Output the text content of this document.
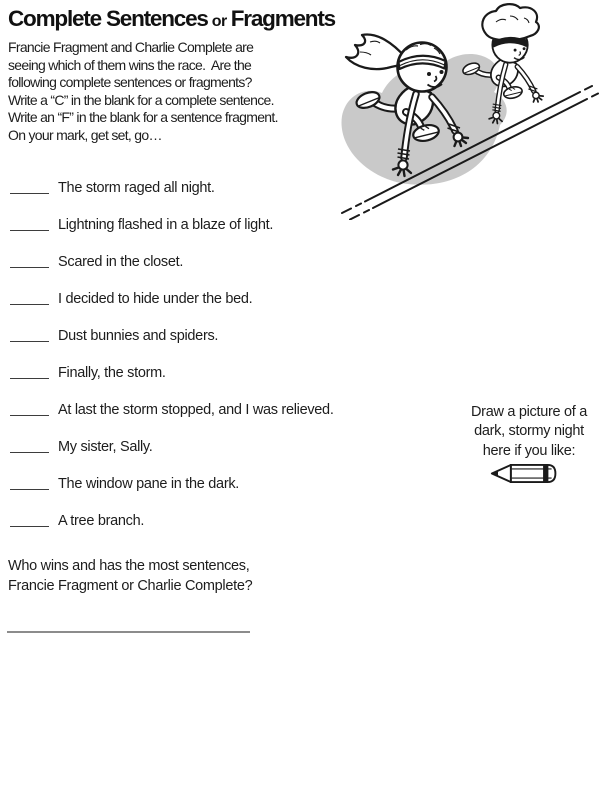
Complete Sentences or Fragments
Francie Fragment and Charlie Complete are
seeing which of them wins the race.  Are the
following complete sentences or fragments?
Write a “C” in the blank for a complete sentence.
Write an “F” in the blank for a sentence fragment.
On your mark, get set, go…
The storm raged all night.
Lightning flashed in a blaze of light.
Scared in the closet.
I decided to hide under the bed.
Dust bunnies and spiders.
Finally, the storm.
At last the storm stopped, and I was relieved.
My sister, Sally.
The window pane in the dark.
A tree branch.
Draw a picture of a
dark, stormy night
here if you like:
Who wins and has the most sentences,
Francie Fragment or Charlie Complete?
